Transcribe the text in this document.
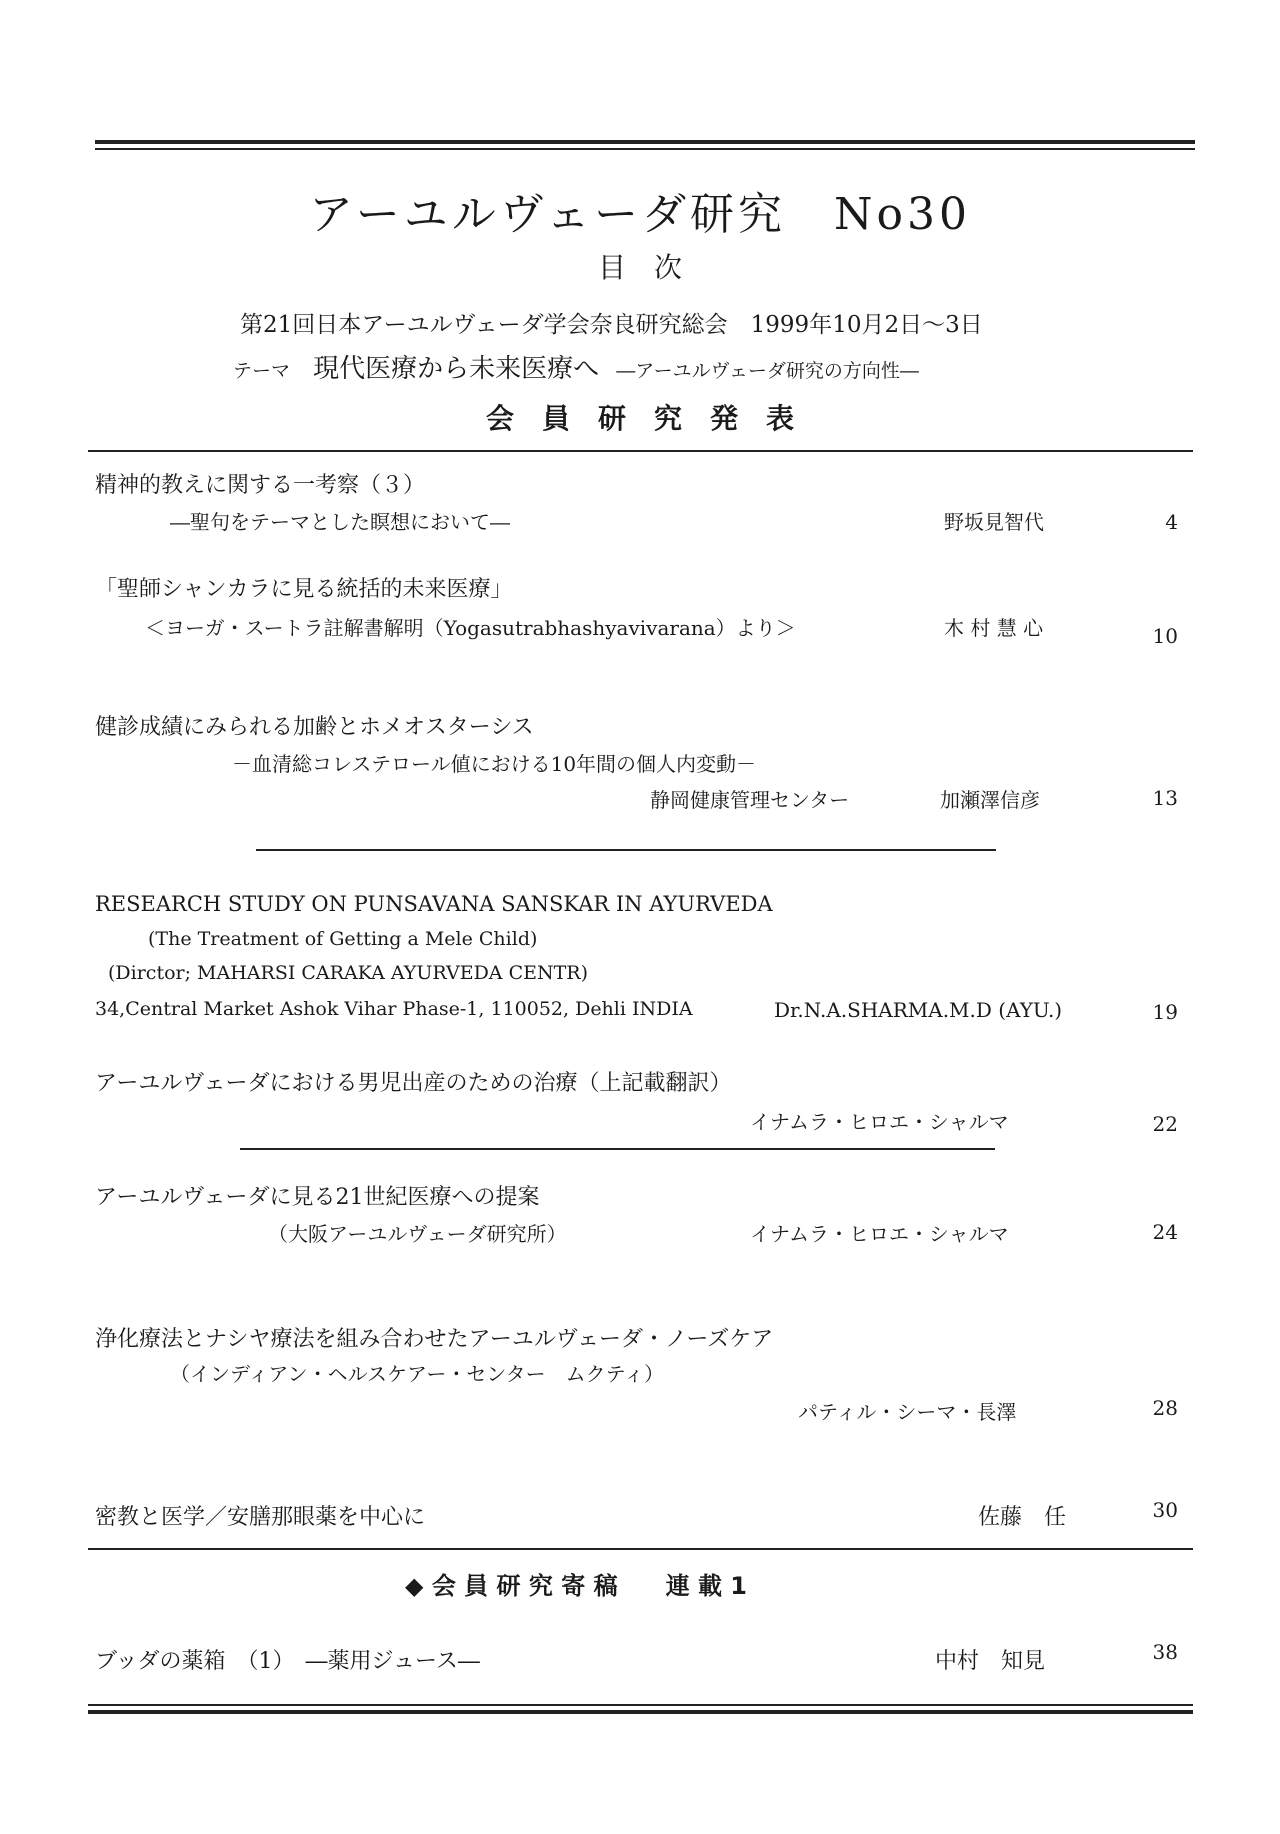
アーユルヴェーダ研究　No30
目　次
第21回日本アーユルヴェーダ学会奈良研究総会　1999年10月2日～3日
テーマ 現代医療から未来医療へ ―アーユルヴェーダ研究の方向性―
会　員　研　究　発　表
精神的教えに関する一考察（３）
―聖句をテーマとした瞑想において―	野坂見智代	4
「聖師シャンカラに見る統括的未来医療」
＜ヨーガ・スートラ註解書解明（Yogasutrabhashyavivarana）より＞	木 村 慧 心	10
健診成績にみられる加齢とホメオスターシス
－血清総コレステロール値における10年間の個人内変動－
静岡健康管理センター	加瀬澤信彦	13
RESEARCH STUDY ON PUNSAVANA SANSKAR IN AYURVEDA
(The Treatment of Getting a Mele Child)
(Dirctor; MAHARSI CARAKA AYURVEDA CENTR)
34,Central Market Ashok Vihar Phase-1, 110052, Dehli INDIA	Dr.N.A.SHARMA.M.D (AYU.)	19
アーユルヴェーダにおける男児出産のための治療（上記載翻訳）
イナムラ・ヒロエ・シャルマ	22
アーユルヴェーダに見る21世紀医療への提案
（大阪アーユルヴェーダ研究所）	イナムラ・ヒロエ・シャルマ	24
浄化療法とナシヤ療法を組み合わせたアーユルヴェーダ・ノーズケア
（インディアン・ヘルスケアー・センター　ムクティ）
パティル・シーマ・長澤	28
密教と医学／安膳那眼薬を中心に	佐藤　任	30
◆ 会 員 研 究 寄 稿　　連 載 1
ブッダの薬箱　（1）　―薬用ジュース―	中村　知見	38
